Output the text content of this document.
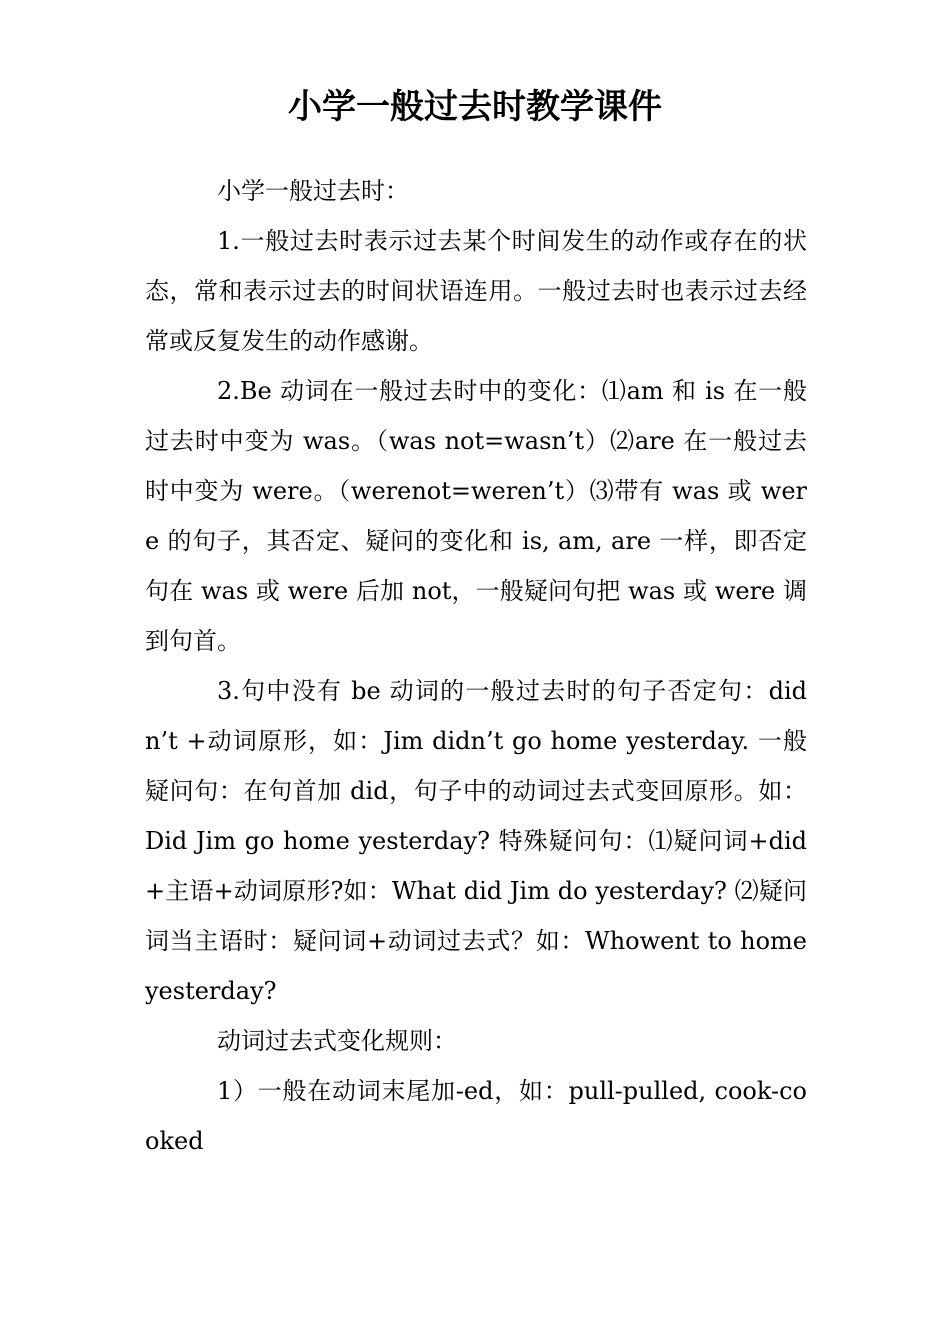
小学一般过去时教学课件

小学一般过去时：

1.一般过去时表示过去某个时间发生的动作或存在的状态，常和表示过去的时间状语连用。一般过去时也表示过去经常或反复发生的动作感谢。

2.Be 动词在一般过去时中的变化：⑴am 和 is 在一般过去时中变为 was。（was not=wasn’t）⑵are 在一般过去时中变为 were。（werenot=weren’t）⑶带有 was 或 were 的句子，其否定、疑问的变化和 is, am, are 一样，即否定句在 was 或 were 后加 not，一般疑问句把 was 或 were 调到句首。

3.句中没有 be 动词的一般过去时的句子否定句：didn’t +动词原形，如：Jim didn’t go home yesterday. 一般疑问句：在句首加 did，句子中的动词过去式变回原形。如：Did Jim go home yesterday? 特殊疑问句：⑴疑问词+did+主语+动词原形?如：What did Jim do yesterday? ⑵疑问词当主语时：疑问词+动词过去式？如：Whowent to home yesterday?

动词过去式变化规则：

1）一般在动词末尾加-ed，如：pull-pulled, cook-cooked
